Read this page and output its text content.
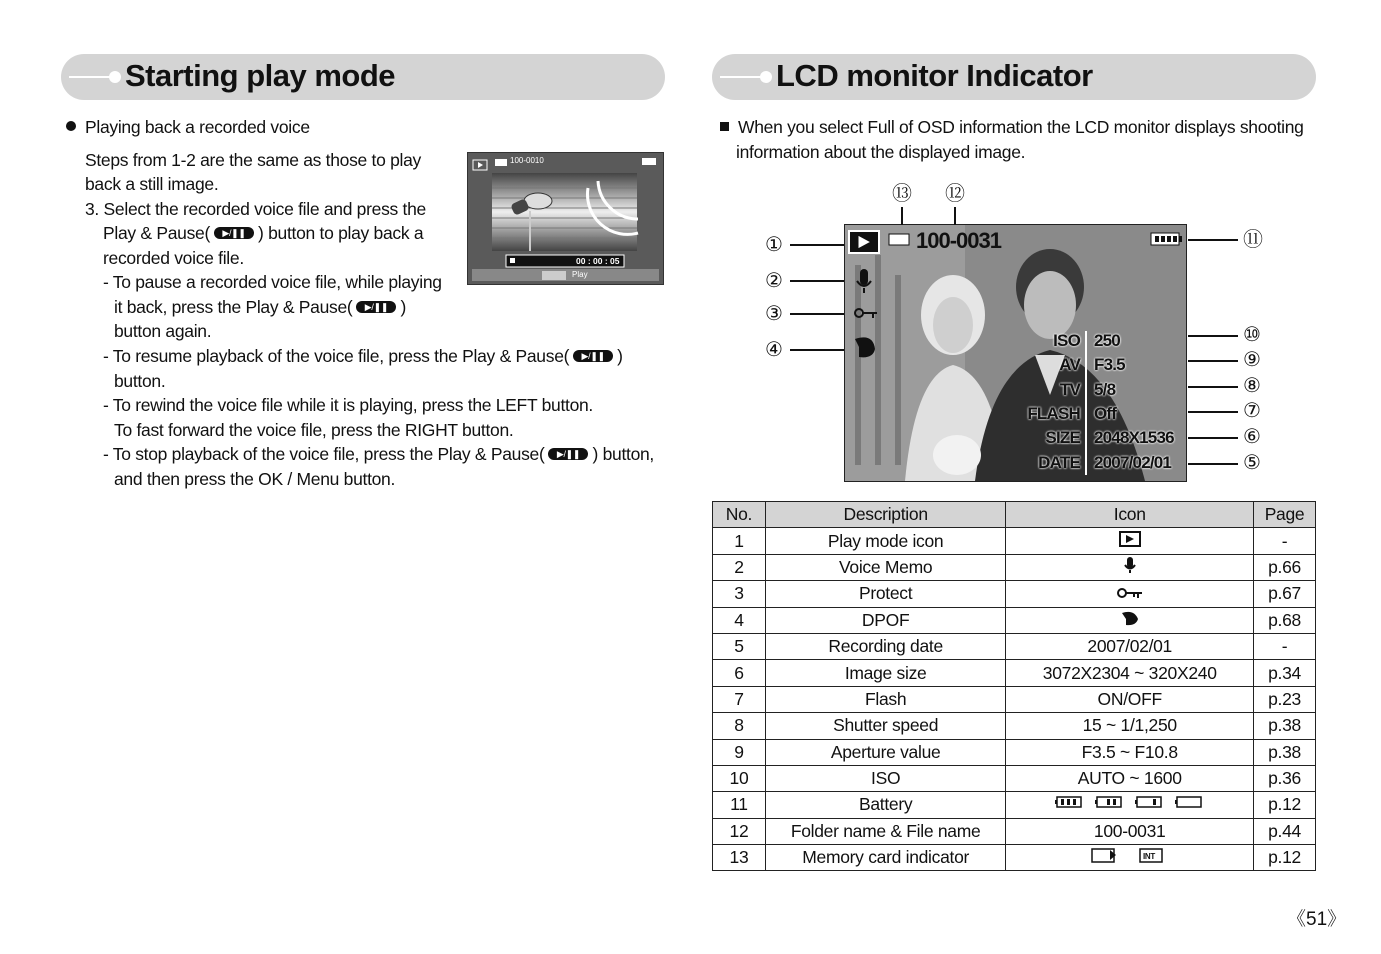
Starting play mode	LCD monitor Indicator
Playing back a recorded voice
Steps from 1-2 are the same as those to play
back a still image.
3. Select the recorded voice file and press the
Play & Pause( ▶/❚❚	) button to play back a
recorded voice file.
- To pause a recorded voice file, while playing
it back, press the Play & Pause( ▶/❚❚	)
button again.
- To resume playback of the voice file, press the Play & Pause( ▶/❚❚	)
button.
- To rewind the voice file while it is playing, press the LEFT button.
To fast forward the voice file, press the RIGHT button.
- To stop playback of the voice file, press the Play & Pause( ▶/❚❚	) button,
and then press the OK / Menu button.
100-0010
00 : 00 : 05
Play
When you select Full of OSD information the LCD monitor displays shooting
information about the displayed image.
100-0031
ISO 250
AV F3.5
TV 5/8
FLASH Off
SIZE 2048X1536
DATE 2007/02/01
①
②
③
④
⑤
⑥
⑦
⑧
⑨
⑩
⑪
⑫
⑬
No.	Description	Icon	Page
1	Play mode icon		-
2	Voice Memo		p.66
3	Protect		p.67
4	DPOF		p.68
5	Recording date	2007/02/01	-
6	Image size	3072X2304 ~ 320X240	p.34
7	Flash	ON/OFF	p.23
8	Shutter speed	15 ~ 1/1,250	p.38
9	Aperture value	F3.5 ~ F10.8	p.38
10	ISO	AUTO ~ 1600	p.36
11	Battery		p.12
12	Folder name & File name	100-0031	p.44
13	Memory card indicator	INT	p.12
《51》
